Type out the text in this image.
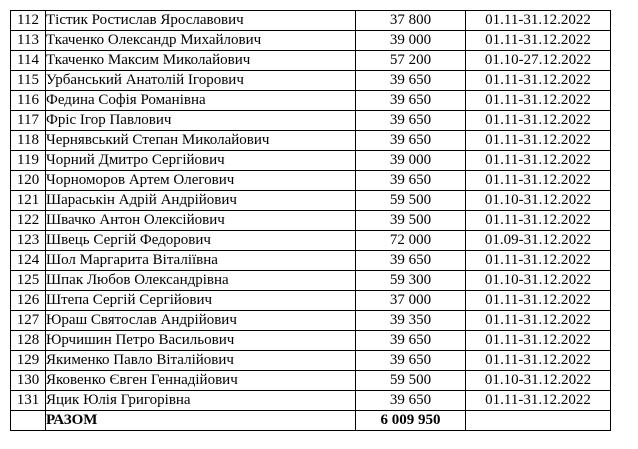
112	Тістик Ростислав Ярославович	37 800	01.11-31.12.2022
113	Ткаченко Олександр Михайлович	39 000	01.11-31.12.2022
114	Ткаченко Максим Миколайович	57 200	01.10-27.12.2022
115	Урбанський Анатолій Ігорович	39 650	01.11-31.12.2022
116	Федина Софія Романівна	39 650	01.11-31.12.2022
117	Фріс Ігор Павлович	39 650	01.11-31.12.2022
118	Чернявський Степан Миколайович	39 650	01.11-31.12.2022
119	Чорний Дмитро Сергійович	39 000	01.11-31.12.2022
120	Чорноморов Артем Олегович	39 650	01.11-31.12.2022
121	Шараськін Адрій Андрійович	59 500	01.10-31.12.2022
122	Швачко Антон Олексійович	39 500	01.11-31.12.2022
123	Швець Сергій Федорович	72 000	01.09-31.12.2022
124	Шол Маргарита Віталіївна	39 650	01.11-31.12.2022
125	Шпак Любов Олександрівна	59 300	01.10-31.12.2022
126	Штепа Сергій Сергійович	37 000	01.11-31.12.2022
127	Юраш Святослав Андрійович	39 350	01.11-31.12.2022
128	Юрчишин Петро Васильович	39 650	01.11-31.12.2022
129	Якименко Павло Віталійович	39 650	01.11-31.12.2022
130	Яковенко Євген Геннадійович	59 500	01.10-31.12.2022
131	Яцик Юлія Григорівна	39 650	01.11-31.12.2022
	РАЗОМ	6 009 950	
